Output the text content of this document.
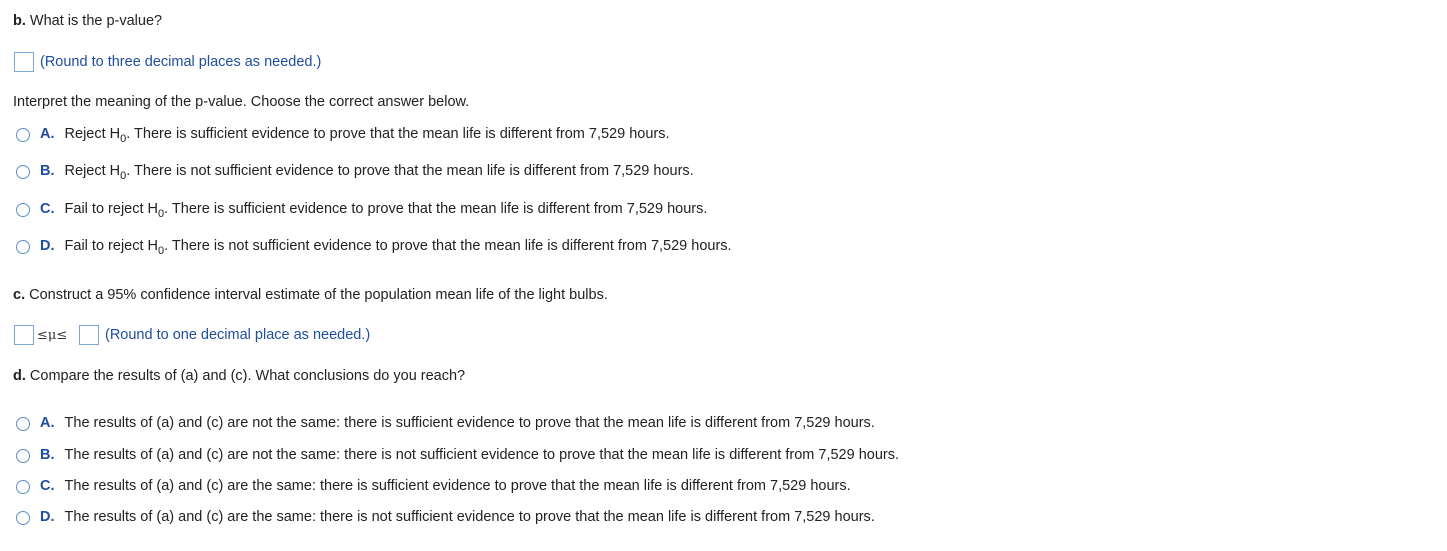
b. What is the p-value?
(Round to three decimal places as needed.)
Interpret the meaning of the p-value. Choose the correct answer below.
A. Reject $H_0$. There is sufficient evidence to prove that the mean life is different from 7,529 hours.
B. Reject $H_0$. There is not sufficient evidence to prove that the mean life is different from 7,529 hours.
C. Fail to reject $H_0$. There is sufficient evidence to prove that the mean life is different from 7,529 hours.
D. Fail to reject $H_0$. There is not sufficient evidence to prove that the mean life is different from 7,529 hours.
c. Construct a 95% confidence interval estimate of the population mean life of the light bulbs.
≤μ≤	(Round to one decimal place as needed.)
d. Compare the results of (a) and (c). What conclusions do you reach?
A. The results of (a) and (c) are not the same: there is sufficient evidence to prove that the mean life is different from 7,529 hours.
B. The results of (a) and (c) are not the same: there is not sufficient evidence to prove that the mean life is different from 7,529 hours.
C. The results of (a) and (c) are the same: there is sufficient evidence to prove that the mean life is different from 7,529 hours.
D. The results of (a) and (c) are the same: there is not sufficient evidence to prove that the mean life is different from 7,529 hours.
